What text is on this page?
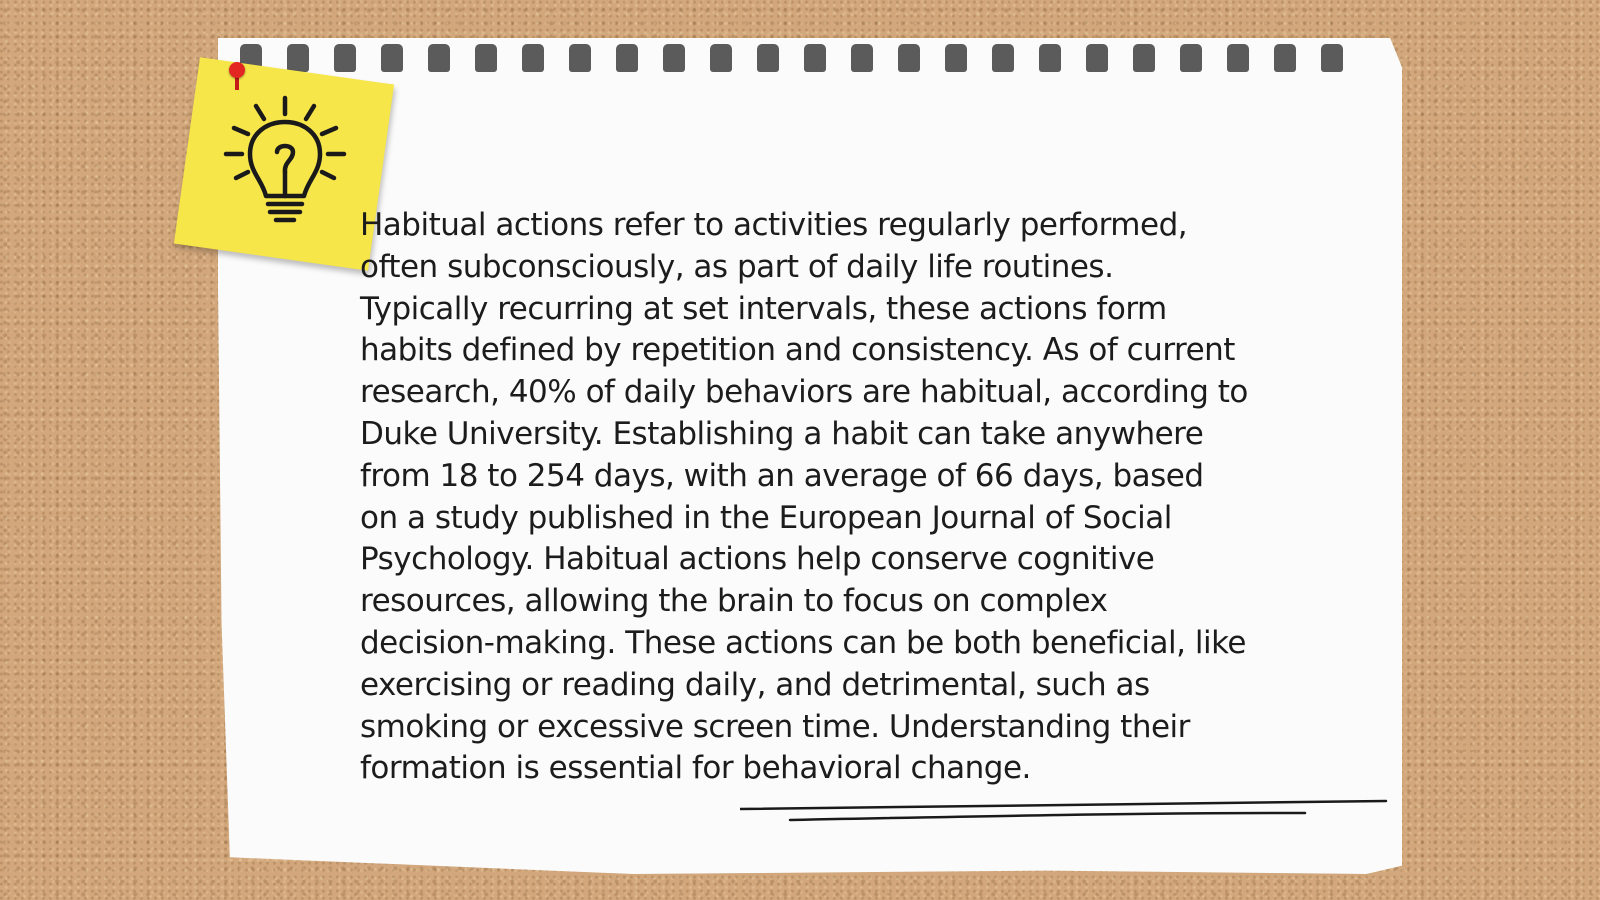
Habitual actions refer to activities regularly performed, often subconsciously, as part of daily life routines. Typically recurring at set intervals, these actions form habits defined by repetition and consistency. As of current research, 40% of daily behaviors are habitual, according to Duke University. Establishing a habit can take anywhere from 18 to 254 days, with an average of 66 days, based on a study published in the European Journal of Social Psychology. Habitual actions help conserve cognitive resources, allowing the brain to focus on complex decision-making. These actions can be both beneficial, like exercising or reading daily, and detrimental, such as smoking or excessive screen time. Understanding their formation is essential for behavioral change.
